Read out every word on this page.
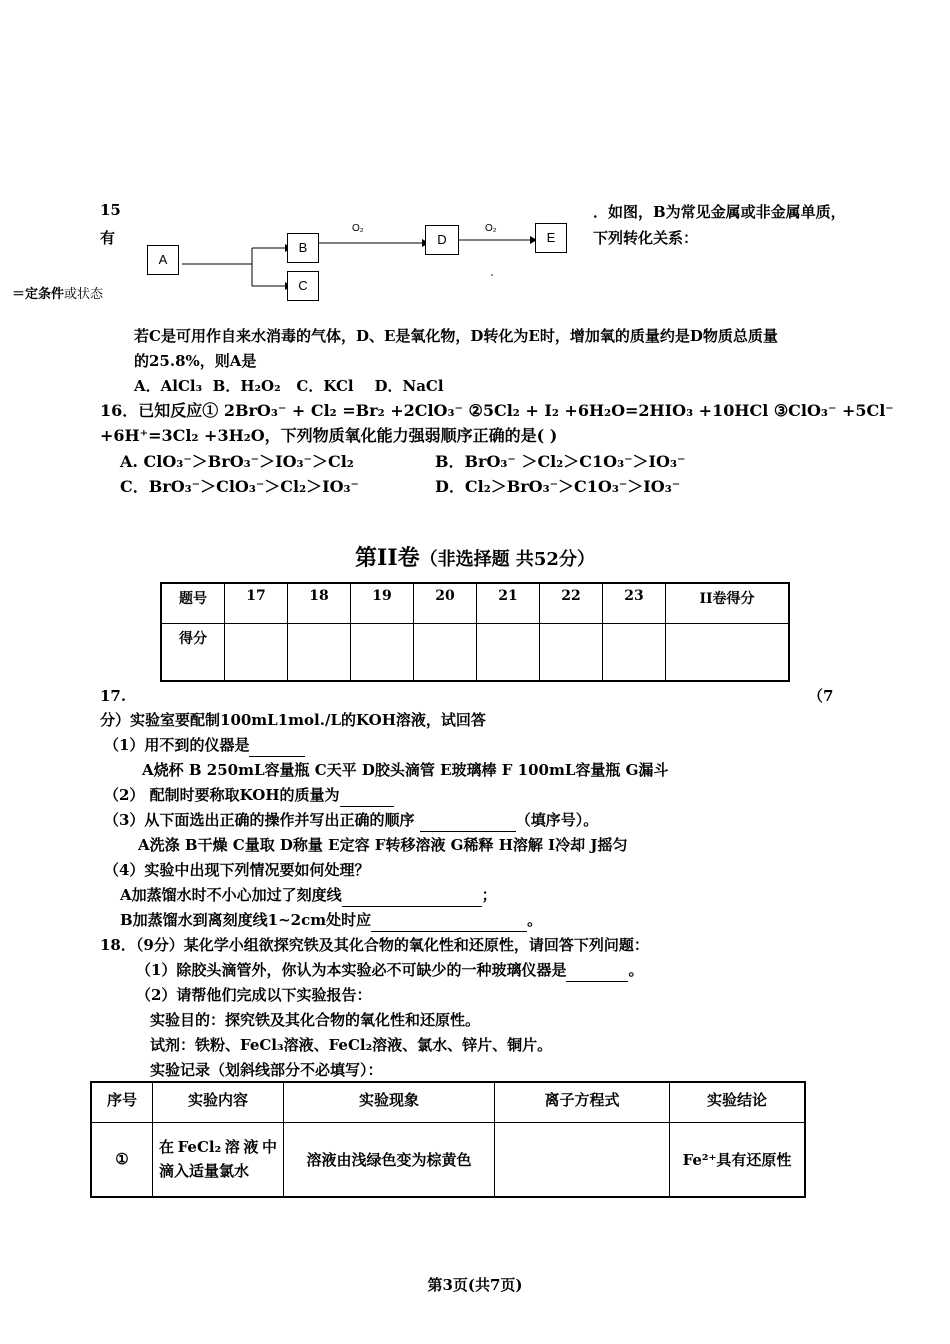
15
有
．如图，B为常见金属或非金属单质，
下列转化关系：
＝定条件或状态
A
B
C
D	E
O₂	O₂
若C是可用作自来水消毒的气体，D、E是氧化物，D转化为E时，增加氧的质量约是D物质总质量
的25.8%，则A是
A．AlCl₃ B．H₂O₂ C．KCl D．NaCl
16．已知反应① 2BrO₃⁻ + Cl₂ =Br₂ +2ClO₃⁻ ②5Cl₂ + I₂ +6H₂O=2HIO₃ +10HCl ③ClO₃⁻ +5Cl⁻
+6H⁺=3Cl₂ +3H₂O，下列物质氧化能力强弱顺序正确的是( )
A. ClO₃⁻＞BrO₃⁻＞IO₃⁻＞Cl₂	B．BrO₃⁻ ＞Cl₂＞C1O₃⁻＞IO₃⁻
C．BrO₃⁻＞ClO₃⁻＞Cl₂＞IO₃⁻	D．Cl₂＞BrO₃⁻＞C1O₃⁻＞IO₃⁻
第II卷（非选择题 共52分）
题号	17	18	19	20	21	22	23	II卷得分
得分								
17.	（7
分）实验室要配制100mL1mol./L的KOH溶液，试回答
（1）用不到的仪器是
A烧杯 B 250mL容量瓶 C天平 D胶头滴管 E玻璃棒 F 100mL容量瓶 G漏斗
（2） 配制时要称取KOH的质量为
（3）从下面选出正确的操作并写出正确的顺序	（填序号）。
A洗涤 B干燥 C量取 D称量 E定容 F转移溶液 G稀释 H溶解 I冷却 J摇匀
（4）实验中出现下列情况要如何处理？
A加蒸馏水时不小心加过了刻度线	；
B加蒸馏水到离刻度线1~2cm处时应	。
18．（9分）某化学小组欲探究铁及其化合物的氧化性和还原性，请回答下列问题：
（1）除胶头滴管外，你认为本实验必不可缺少的一种玻璃仪器是	。
（2）请帮他们完成以下实验报告：
实验目的：探究铁及其化合物的氧化性和还原性。
试剂：铁粉、FeCl₃溶液、FeCl₂溶液、氯水、锌片、铜片。
实验记录（划斜线部分不必填写）：
序号	实验内容	实验现象	离子方程式	实验结论
①	在FeCl₂溶液中滴入适量氯水	溶液由浅绿色变为棕黄色		Fe²⁺具有还原性
第3页(共7页)
